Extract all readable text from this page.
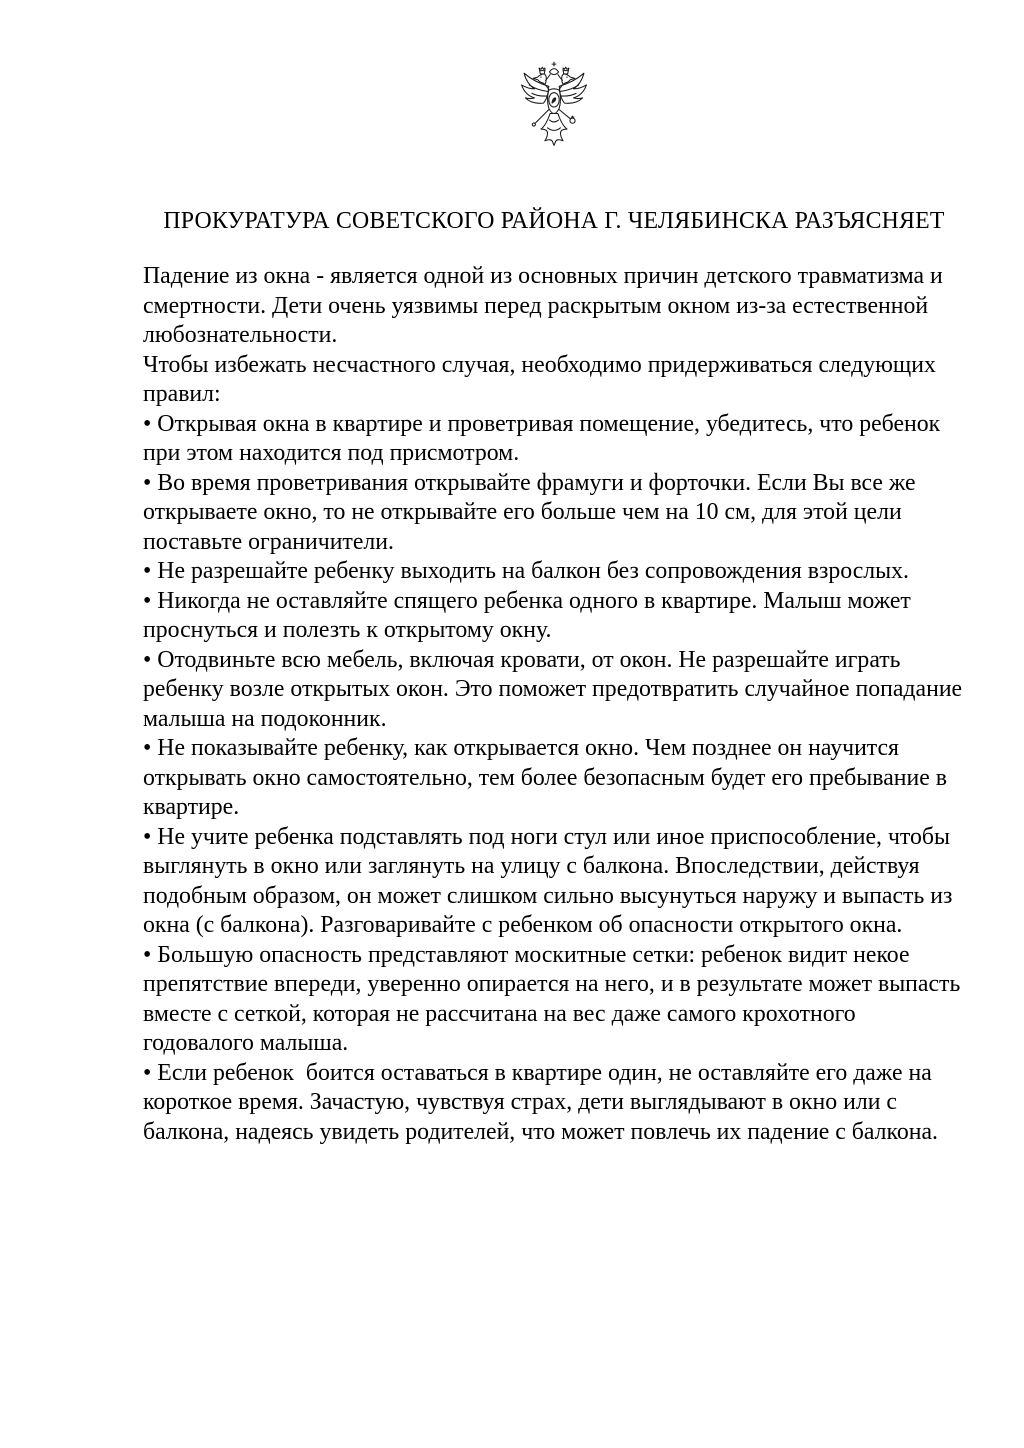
ПРОКУРАТУРА СОВЕТСКОГО РАЙОНА Г. ЧЕЛЯБИНСКА РАЗЪЯСНЯЕТ

Падение из окна - является одной из основных причин детского травматизма и смертности. Дети очень уязвимы перед раскрытым окном из-за естественной любознательности.

Чтобы избежать несчастного случая, необходимо придерживаться следующих правил:

• Открывая окна в квартире и проветривая помещение, убедитесь, что ребенок при этом находится под присмотром.

• Во время проветривания открывайте фрамуги и форточки. Если Вы все же открываете окно, то не открывайте его больше чем на 10 см, для этой цели поставьте ограничители.

• Не разрешайте ребенку выходить на балкон без сопровождения взрослых.

• Никогда не оставляйте спящего ребенка одного в квартире. Малыш может проснуться и полезть к открытому окну.

• Отодвиньте всю мебель, включая кровати, от окон. Не разрешайте играть ребенку возле открытых окон. Это поможет предотвратить случайное попадание малыша на подоконник.

• Не показывайте ребенку, как открывается окно. Чем позднее он научится открывать окно самостоятельно, тем более безопасным будет его пребывание в квартире.

• Не учите ребенка подставлять под ноги стул или иное приспособление, чтобы выглянуть в окно или заглянуть на улицу с балкона. Впоследствии, действуя подобным образом, он может слишком сильно высунуться наружу и выпасть из окна (с балкона). Разговаривайте с ребенком об опасности открытого окна.

• Большую опасность представляют москитные сетки: ребенок видит некое препятствие впереди, уверенно опирается на него, и в результате может выпасть вместе с сеткой, которая не рассчитана на вес даже самого крохотного годовалого малыша.

• Если ребенок  боится оставаться в квартире один, не оставляйте его даже на короткое время. Зачастую, чувствуя страх, дети выглядывают в окно или с балкона, надеясь увидеть родителей, что может повлечь их падение с балкона.
